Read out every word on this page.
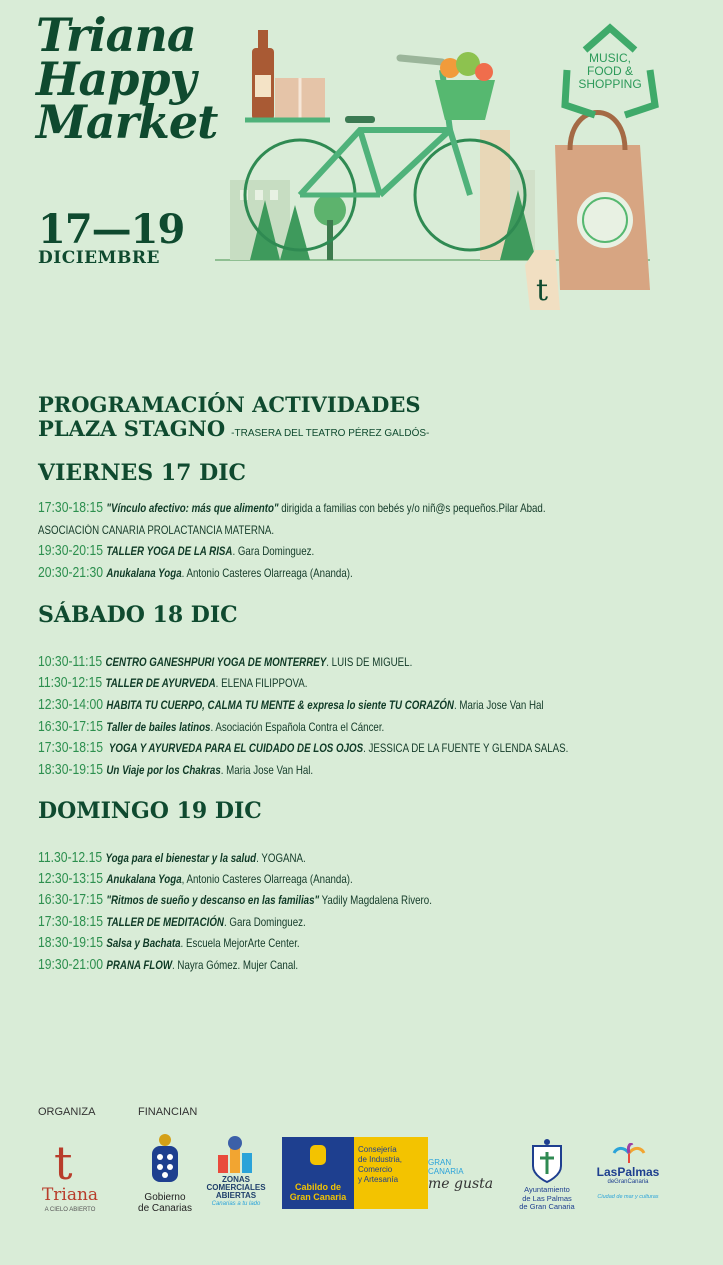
Triana
Happy
Market
17—19
DICIEMBRE
t
MUSIC,
FOOD &
SHOPPING
PROGRAMACIÓN ACTIVIDADES
PLAZA STAGNO -TRASERA DEL TEATRO PÉREZ GALDÓS-
VIERNES 17 DIC
SÁBADO 18 DIC
DOMINGO 19 DIC
17:30-18:15 "Vínculo afectivo: más que alimento" dirigida a familias con bebés y/o niñ@s pequeños.Pilar Abad.
ASOCIACIÓN CANARIA PROLACTANCIA MATERNA.
19:30-20:15 TALLER YOGA DE LA RISA. Gara Dominguez.
20:30-21:30 Anukalana Yoga. Antonio Casteres Olarreaga (Ananda).
10:30-11:15 CENTRO GANESHPURI YOGA DE MONTERREY. LUIS DE MIGUEL.
11:30-12:15 TALLER DE AYURVEDA. ELENA FILIPPOVA.
12:30-14:00 HABITA TU CUERPO, CALMA TU MENTE & expresa lo siente TU CORAZÓN. Maria Jose Van Hal
16:30-17:15 Taller de bailes latinos. Asociación Española Contra el Cáncer.
17:30-18:15 YOGA Y AYURVEDA PARA EL CUIDADO DE LOS OJOS. JESSICA DE LA FUENTE Y GLENDA SALAS.
18:30-19:15 Un Viaje por los Chakras. Maria Jose Van Hal.
11.30-12.15 Yoga para el bienestar y la salud. YOGANA.
12:30-13:15 Anukalana Yoga, Antonio Casteres Olarreaga (Ananda).
16:30-17:15 "Ritmos de sueño y descanso en las familias" Yadily Magdalena Rivero.
17:30-18:15 TALLER DE MEDITACIÓN. Gara Dominguez.
18:30-19:15 Salsa y Bachata. Escuela MejorArte Center.
19:30-21:00 PRANA FLOW. Nayra Gómez. Mujer Canal.
ORGANIZA	FINANCIAN
t
Triana
A CIELO ABIERTO
Gobierno
de Canarias
ZONAS
COMERCIALES
ABIERTAS
Canarias a tu lado
Cabildo de
Gran Canaria
Consejería
de Industria,
Comercio
y Artesanía
GRAN
CANARIA
me gusta	Ayuntamiento
de Las Palmas
de Gran Canaria
LasPalmas
deGranCanaria
Ciudad de mar y culturas
